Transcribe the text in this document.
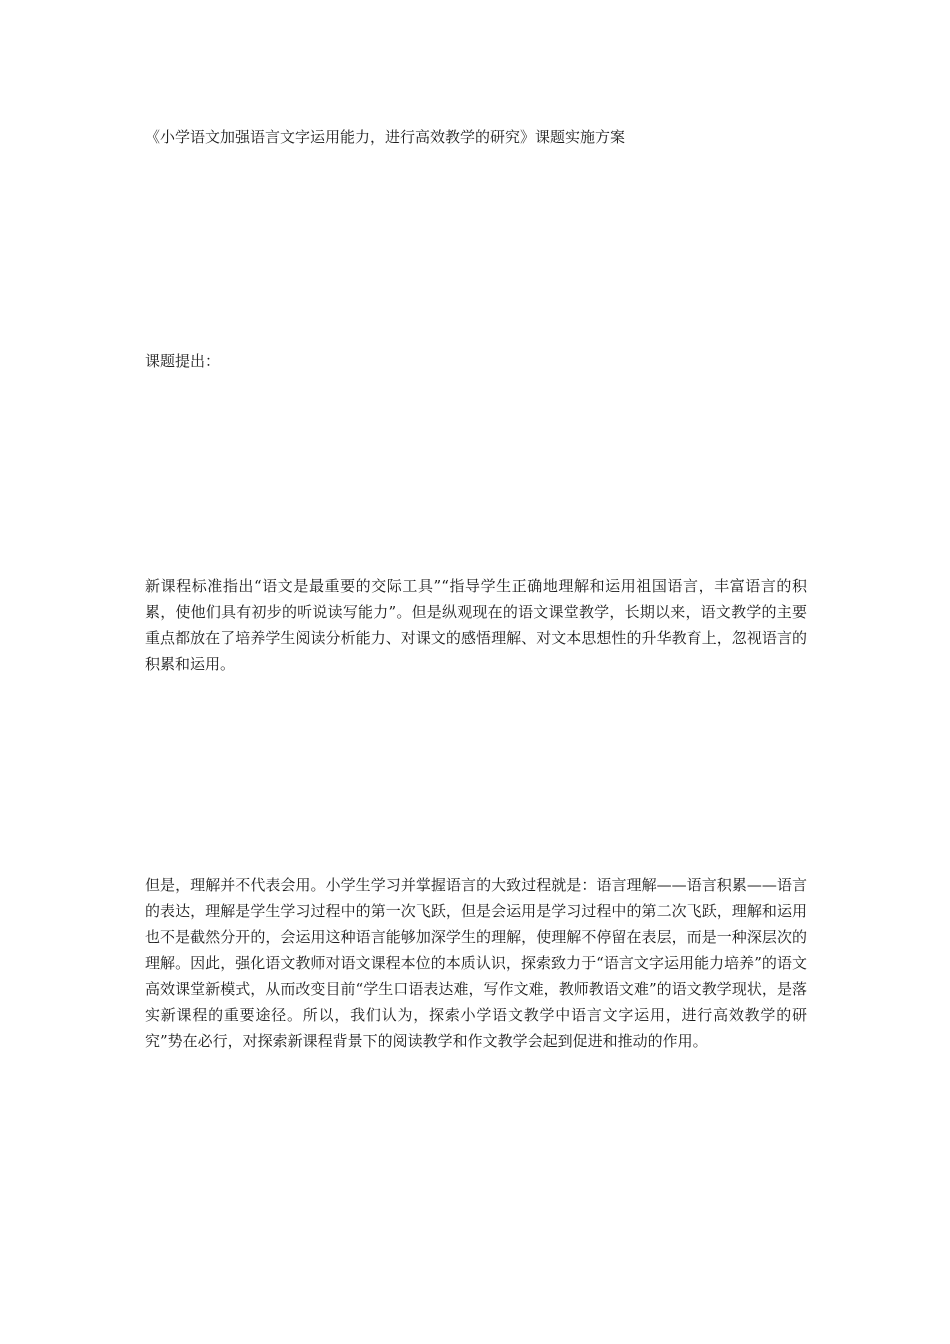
《小学语文加强语言文字运用能力，进行高效教学的研究》课题实施方案

课题提出：

新课程标准指出“语文是最重要的交际工具”“指导学生正确地理解和运用祖国语言，丰富语言的积累，使他们具有初步的听说读写能力”。但是纵观现在的语文课堂教学，长期以来，语文教学的主要重点都放在了培养学生阅读分析能力、对课文的感悟理解、对文本思想性的升华教育上，忽视语言的积累和运用。

但是，理解并不代表会用。小学生学习并掌握语言的大致过程就是：语言理解——语言积累——语言的表达，理解是学生学习过程中的第一次飞跃，但是会运用是学习过程中的第二次飞跃，理解和运用也不是截然分开的，会运用这种语言能够加深学生的理解，使理解不停留在表层，而是一种深层次的理解。因此，强化语文教师对语文课程本位的本质认识，探索致力于“语言文字运用能力培养”的语文高效课堂新模式，从而改变目前“学生口语表达难，写作文难，教师教语文难”的语文教学现状，是落实新课程的重要途径。所以，我们认为，探索小学语文教学中语言文字运用，进行高效教学的研究”势在必行，对探索新课程背景下的阅读教学和作文教学会起到促进和推动的作用。
